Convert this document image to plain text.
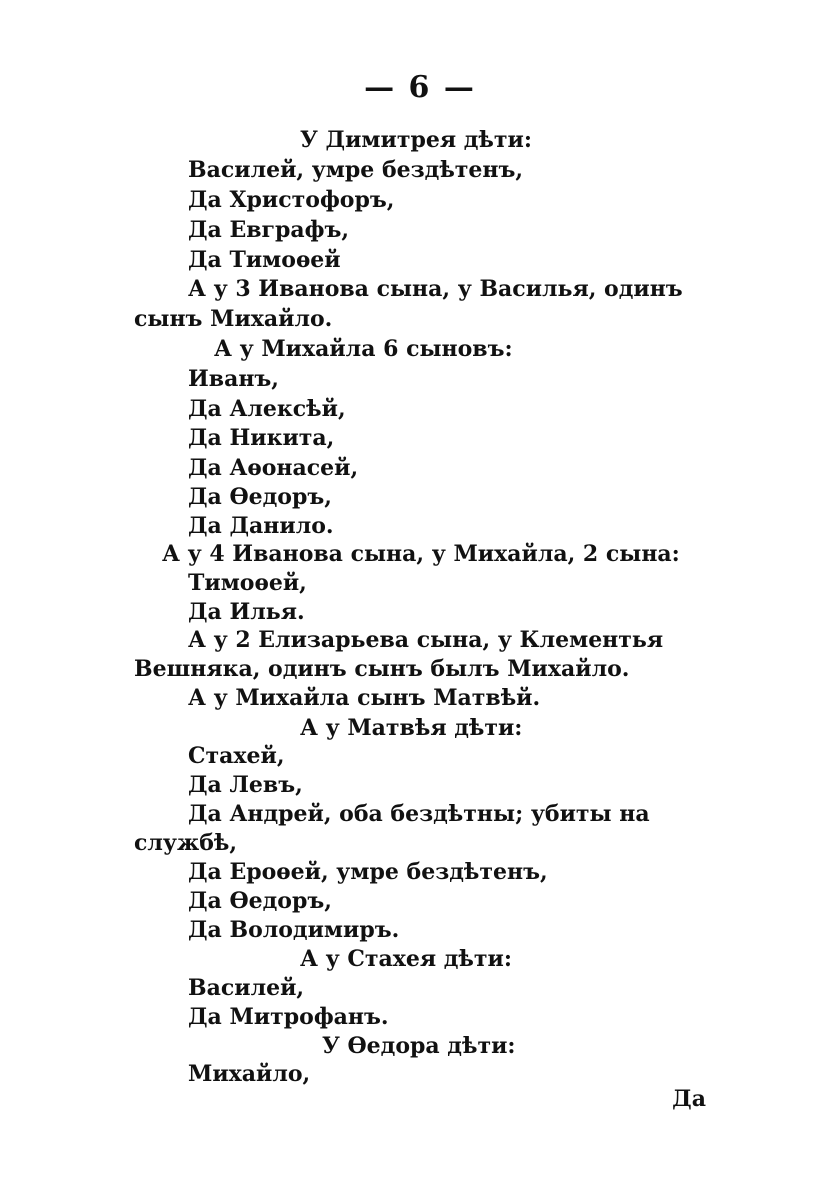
— 6 —
У Димитрея дѣти:
Василей, умре бездѣтенъ,
Да Христофоръ,
Да Евграфъ,
Да Тимоѳей
А у 3 Иванова сына, у Василья, одинъ
сынъ Михайло.
А у Михайла 6 сыновъ:
Иванъ,
Да Алексѣй,
Да Никита,
Да Аѳонасей,
Да Ѳедоръ,
Да Данило.
А у 4 Иванова сына, у Михайла, 2 сына:
Тимоѳей,
Да Илья.
А у 2 Елизарьева сына, у Клементья
Вешняка, одинъ сынъ былъ Михайло.
А у Михайла сынъ Матвѣй.
А у Матвѣя дѣти:
Стахей,
Да Левъ,
Да Андрей, оба бездѣтны; убиты на
службѣ,
Да Ероѳей, умре бездѣтенъ,
Да Ѳедоръ,
Да Володимиръ.
А у Стахея дѣти:
Василей,
Да Митрофанъ.
У Ѳедора дѣти:
Михайло,
Да
